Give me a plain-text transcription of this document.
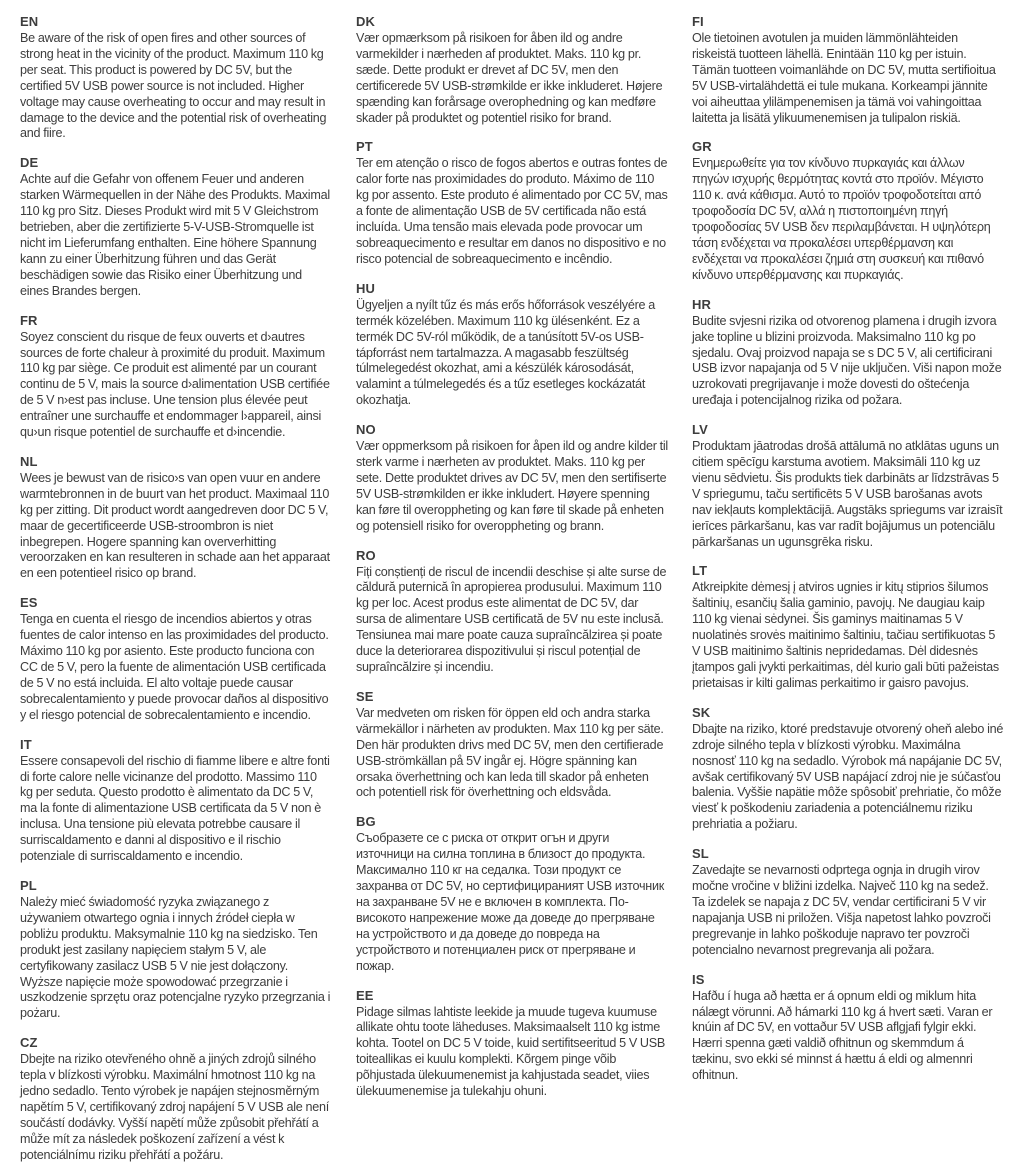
EN

Be aware of the risk of open fires and other sources of strong heat in the vicinity of the product. Maximum 110 kg per seat. This product is powered by DC 5V, but the certified 5V USB power source is not included. Higher voltage may cause overheating to occur and may result in damage to the device and the potential risk of overheating and fiire.

DE

Achte auf die Gefahr von offenem Feuer und anderen starken Wärmequellen in der Nähe des Produkts. Maximal 110 kg pro Sitz. Dieses Produkt wird mit 5 V Gleichstrom betrieben, aber die zertifizierte 5-V-USB-Stromquelle ist nicht im Lieferumfang enthalten. Eine höhere Spannung kann zu einer Überhitzung führen und das Gerät beschädigen sowie das Risiko einer Überhitzung und eines Brandes bergen.

FR

Soyez conscient du risque de feux ouverts et d›autres sources de forte chaleur à proximité du produit. Maximum 110 kg par siège. Ce produit est alimenté par un courant continu de 5 V, mais la source d›alimentation USB certifiée de 5 V n›est pas incluse. Une tension plus élevée peut entraîner une surchauffe et endommager l›appareil, ainsi qu›un risque potentiel de surchauffe et d›incendie.

NL

Wees je bewust van de risico›s van open vuur en andere warmtebronnen in de buurt van het product. Maximaal 110 kg per zitting. Dit product wordt aangedreven door DC 5 V, maar de gecertificeerde USB-stroombron is niet inbegrepen. Hogere spanning kan oververhitting veroorzaken en kan resulteren in schade aan het apparaat en een potentieel risico op brand.

ES

Tenga en cuenta el riesgo de incendios abiertos y otras fuentes de calor intenso en las proximidades del producto. Máximo 110 kg por asiento. Este producto funciona con CC de 5 V, pero la fuente de alimentación USB certificada de 5 V no está incluida. El alto voltaje puede causar sobrecalentamiento y puede provocar daños al dispositivo y el riesgo potencial de sobrecalentamiento e incendio.

IT

Essere consapevoli del rischio di fiamme libere e altre fonti di forte calore nelle vicinanze del prodotto. Massimo 110 kg per seduta. Questo prodotto è alimentato da DC 5 V, ma la fonte di alimentazione USB certificata da 5 V non è inclusa. Una tensione più elevata potrebbe causare il surriscaldamento e danni al dispositivo e il rischio potenziale di surriscaldamento e incendio.

PL

Należy mieć świadomość ryzyka związanego z używaniem otwartego ognia i innych źródeł ciepła w pobliżu produktu. Maksymalnie 110 kg na siedzisko. Ten produkt jest zasilany napięciem stałym 5 V, ale certyfikowany zasilacz USB 5 V nie jest dołączony. Wyższe napięcie może spowodować przegrzanie i uszkodzenie sprzętu oraz potencjalne ryzyko przegrzania i pożaru.

CZ

Dbejte na riziko otevřeného ohně a jiných zdrojů silného tepla v blízkosti výrobku. Maximální hmotnost 110 kg na jedno sedadlo. Tento výrobek je napájen stejnosměrným napětím 5 V, certifikovaný zdroj napájení 5 V USB ale není součástí dodávky. Vyšší napětí může způsobit přehřátí a může mít za následek poškození zařízení a vést k potenciálnímu riziku přehřátí a požáru.

DK

Vær opmærksom på risikoen for åben ild og andre varmekilder i nærheden af produktet. Maks. 110 kg pr. sæde. Dette produkt er drevet af DC 5V, men den certificerede 5V USB-strømkilde er ikke inkluderet. Højere spænding kan forårsage overophedning og kan medføre skader på produktet og potentiel risiko for brand.

PT

Ter em atenção o risco de fogos abertos e outras fontes de calor forte nas proximidades do produto. Máximo de 110 kg por assento. Este produto é alimentado por CC 5V, mas a fonte de alimentação USB de 5V certificada não está incluída. Uma tensão mais elevada pode provocar um sobreaquecimento e resultar em danos no dispositivo e no risco potencial de sobreaquecimento e incêndio.

HU

Ügyeljen a nyílt tűz és más erős hőforrások veszélyére a termék közelében. Maximum 110 kg ülésenként. Ez a termék DC 5V-ról működik, de a tanúsított 5V-os USB-tápforrást nem tartalmazza. A magasabb feszültség túlmelegedést okozhat, ami a készülék károsodását, valamint a túlmelegedés és a tűz esetleges kockázatát okozhatja.

NO

Vær oppmerksom på risikoen for åpen ild og andre kilder til sterk varme i nærheten av produktet. Maks. 110 kg per sete. Dette produktet drives av DC 5V, men den sertifiserte 5V USB-strømkilden er ikke inkludert. Høyere spenning kan føre til overoppheting og kan føre til skade på enheten og potensiell risiko for overoppheting og brann.

RO

Fiți conștienți de riscul de incendii deschise și alte surse de căldură puternică în apropierea produsului. Maximum 110 kg per loc. Acest produs este alimentat de DC 5V, dar sursa de alimentare USB certificată de 5V nu este inclusă. Tensiunea mai mare poate cauza supraîncălzirea și poate duce la deteriorarea dispozitivului și riscul potențial de supraîncălzire și incendiu.

SE

Var medveten om risken för öppen eld och andra starka värmekällor i närheten av produkten. Max 110 kg per säte. Den här produkten drivs med DC 5V, men den certifierade USB-strömkällan på 5V ingår ej. Högre spänning kan orsaka överhettning och kan leda till skador på enheten och potentiell risk för överhettning och eldsvåda.

BG

Съобразете се с риска от открит огън и други източници на силна топлина в близост до продукта. Максимално 110 кг на седалка. Този продукт се захранва от DC 5V, но сертифицираният USB източник на захранване 5V не е включен в комплекта. По-високото напрежение може да доведе до прегряване на устройството и да доведе до повреда на устройството и потенциален риск от прегряване и пожар.

EE

Pidage silmas lahtiste leekide ja muude tugeva kuumuse allikate ohtu toote läheduses. Maksimaalselt 110 kg istme kohta. Tootel on DC 5 V toide, kuid sertifitseeritud 5 V USB toiteallikas ei kuulu komplekti. Kõrgem pinge võib põhjustada ülekuumenemist ja kahjustada seadet, viies ülekuumenemise ja tulekahju ohuni.

FI

Ole tietoinen avotulen ja muiden lämmönlähteiden riskeistä tuotteen lähellä. Enintään 110 kg per istuin. Tämän tuotteen voimanlähde on DC 5V, mutta sertifioitua 5V USB-virtalähdettä ei tule mukana. Korkeampi jännite voi aiheuttaa ylilämpenemisen ja tämä voi vahingoittaa laitetta ja lisätä ylikuumenemisen ja tulipalon riskiä.

GR

Ενημερωθείτε για τον κίνδυνο πυρκαγιάς και άλλων πηγών ισχυρής θερμότητας κοντά στο προϊόν. Μέγιστο 110 κ. ανά κάθισμα. Αυτό το προϊόν τροφοδοτείται από τροφοδοσία DC 5V, αλλά η πιστοποιημένη πηγή τροφοδοσίας 5V USB δεν περιλαμβάνεται. Η υψηλότερη τάση ενδέχεται να προκαλέσει υπερθέρμανση και ενδέχεται να προκαλέσει ζημιά στη συσκευή και πιθανό κίνδυνο υπερθέρμανσης και πυρκαγιάς.

HR

Budite svjesni rizika od otvorenog plamena i drugih izvora jake topline u blizini proizvoda. Maksimalno 110 kg po sjedalu. Ovaj proizvod napaja se s DC 5 V, ali certificirani USB izvor napajanja od 5 V nije uključen. Viši napon može uzrokovati pregrijavanje i može dovesti do oštećenja uređaja i potencijalnog rizika od požara.

LV

Produktam jāatrodas drošā attālumā no atklātas uguns un citiem spēcīgu karstuma avotiem. Maksimāli 110 kg uz vienu sēdvietu. Šis produkts tiek darbināts ar līdzstrāvas 5 V spriegumu, taču sertificēts 5 V USB barošanas avots nav iekļauts komplektācijā. Augstāks spriegums var izraisīt ierīces pārkaršanu, kas var radīt bojājumus un potenciālu pārkaršanas un ugunsgrēka risku.

LT

Atkreipkite dėmesį į atviros ugnies ir kitų stiprios šilumos šaltinių, esančių šalia gaminio, pavojų. Ne daugiau kaip 110 kg vienai sėdynei. Šis gaminys maitinamas 5 V nuolatinės srovės maitinimo šaltiniu, tačiau sertifikuotas 5 V USB maitinimo šaltinis nepridedamas. Dėl didesnės įtampos gali įvykti perkaitimas, dėl kurio gali būti pažeistas prietaisas ir kilti galimas perkaitimo ir gaisro pavojus.

SK

Dbajte na riziko, ktoré predstavuje otvorený oheň alebo iné zdroje silného tepla v blízkosti výrobku. Maximálna nosnosť 110 kg na sedadlo. Výrobok má napájanie DC 5V, avšak certifikovaný 5V USB napájací zdroj nie je súčasťou balenia. Vyššie napätie môže spôsobiť prehriatie, čo môže viesť k poškodeniu zariadenia a potenciálnemu riziku prehriatia a požiaru.

SL

Zavedajte se nevarnosti odprtega ognja in drugih virov močne vročine v bližini izdelka. Največ 110 kg na sedež. Ta izdelek se napaja z DC 5V, vendar certificirani 5 V vir napajanja USB ni priložen. Višja napetost lahko povzroči pregrevanje in lahko poškoduje napravo ter povzroči potencialno nevarnost pregrevanja ali požara.

IS

Hafðu í huga að hætta er á opnum eldi og miklum hita nálægt vörunni. Að hámarki 110 kg á hvert sæti. Varan er knúin af DC 5V, en vottaður 5V USB aflgjafi fylgir ekki. Hærri spenna gæti valdið ofhitnun og skemmdum á tækinu, svo ekki sé minnst á hættu á eldi og almennri ofhitnun.
